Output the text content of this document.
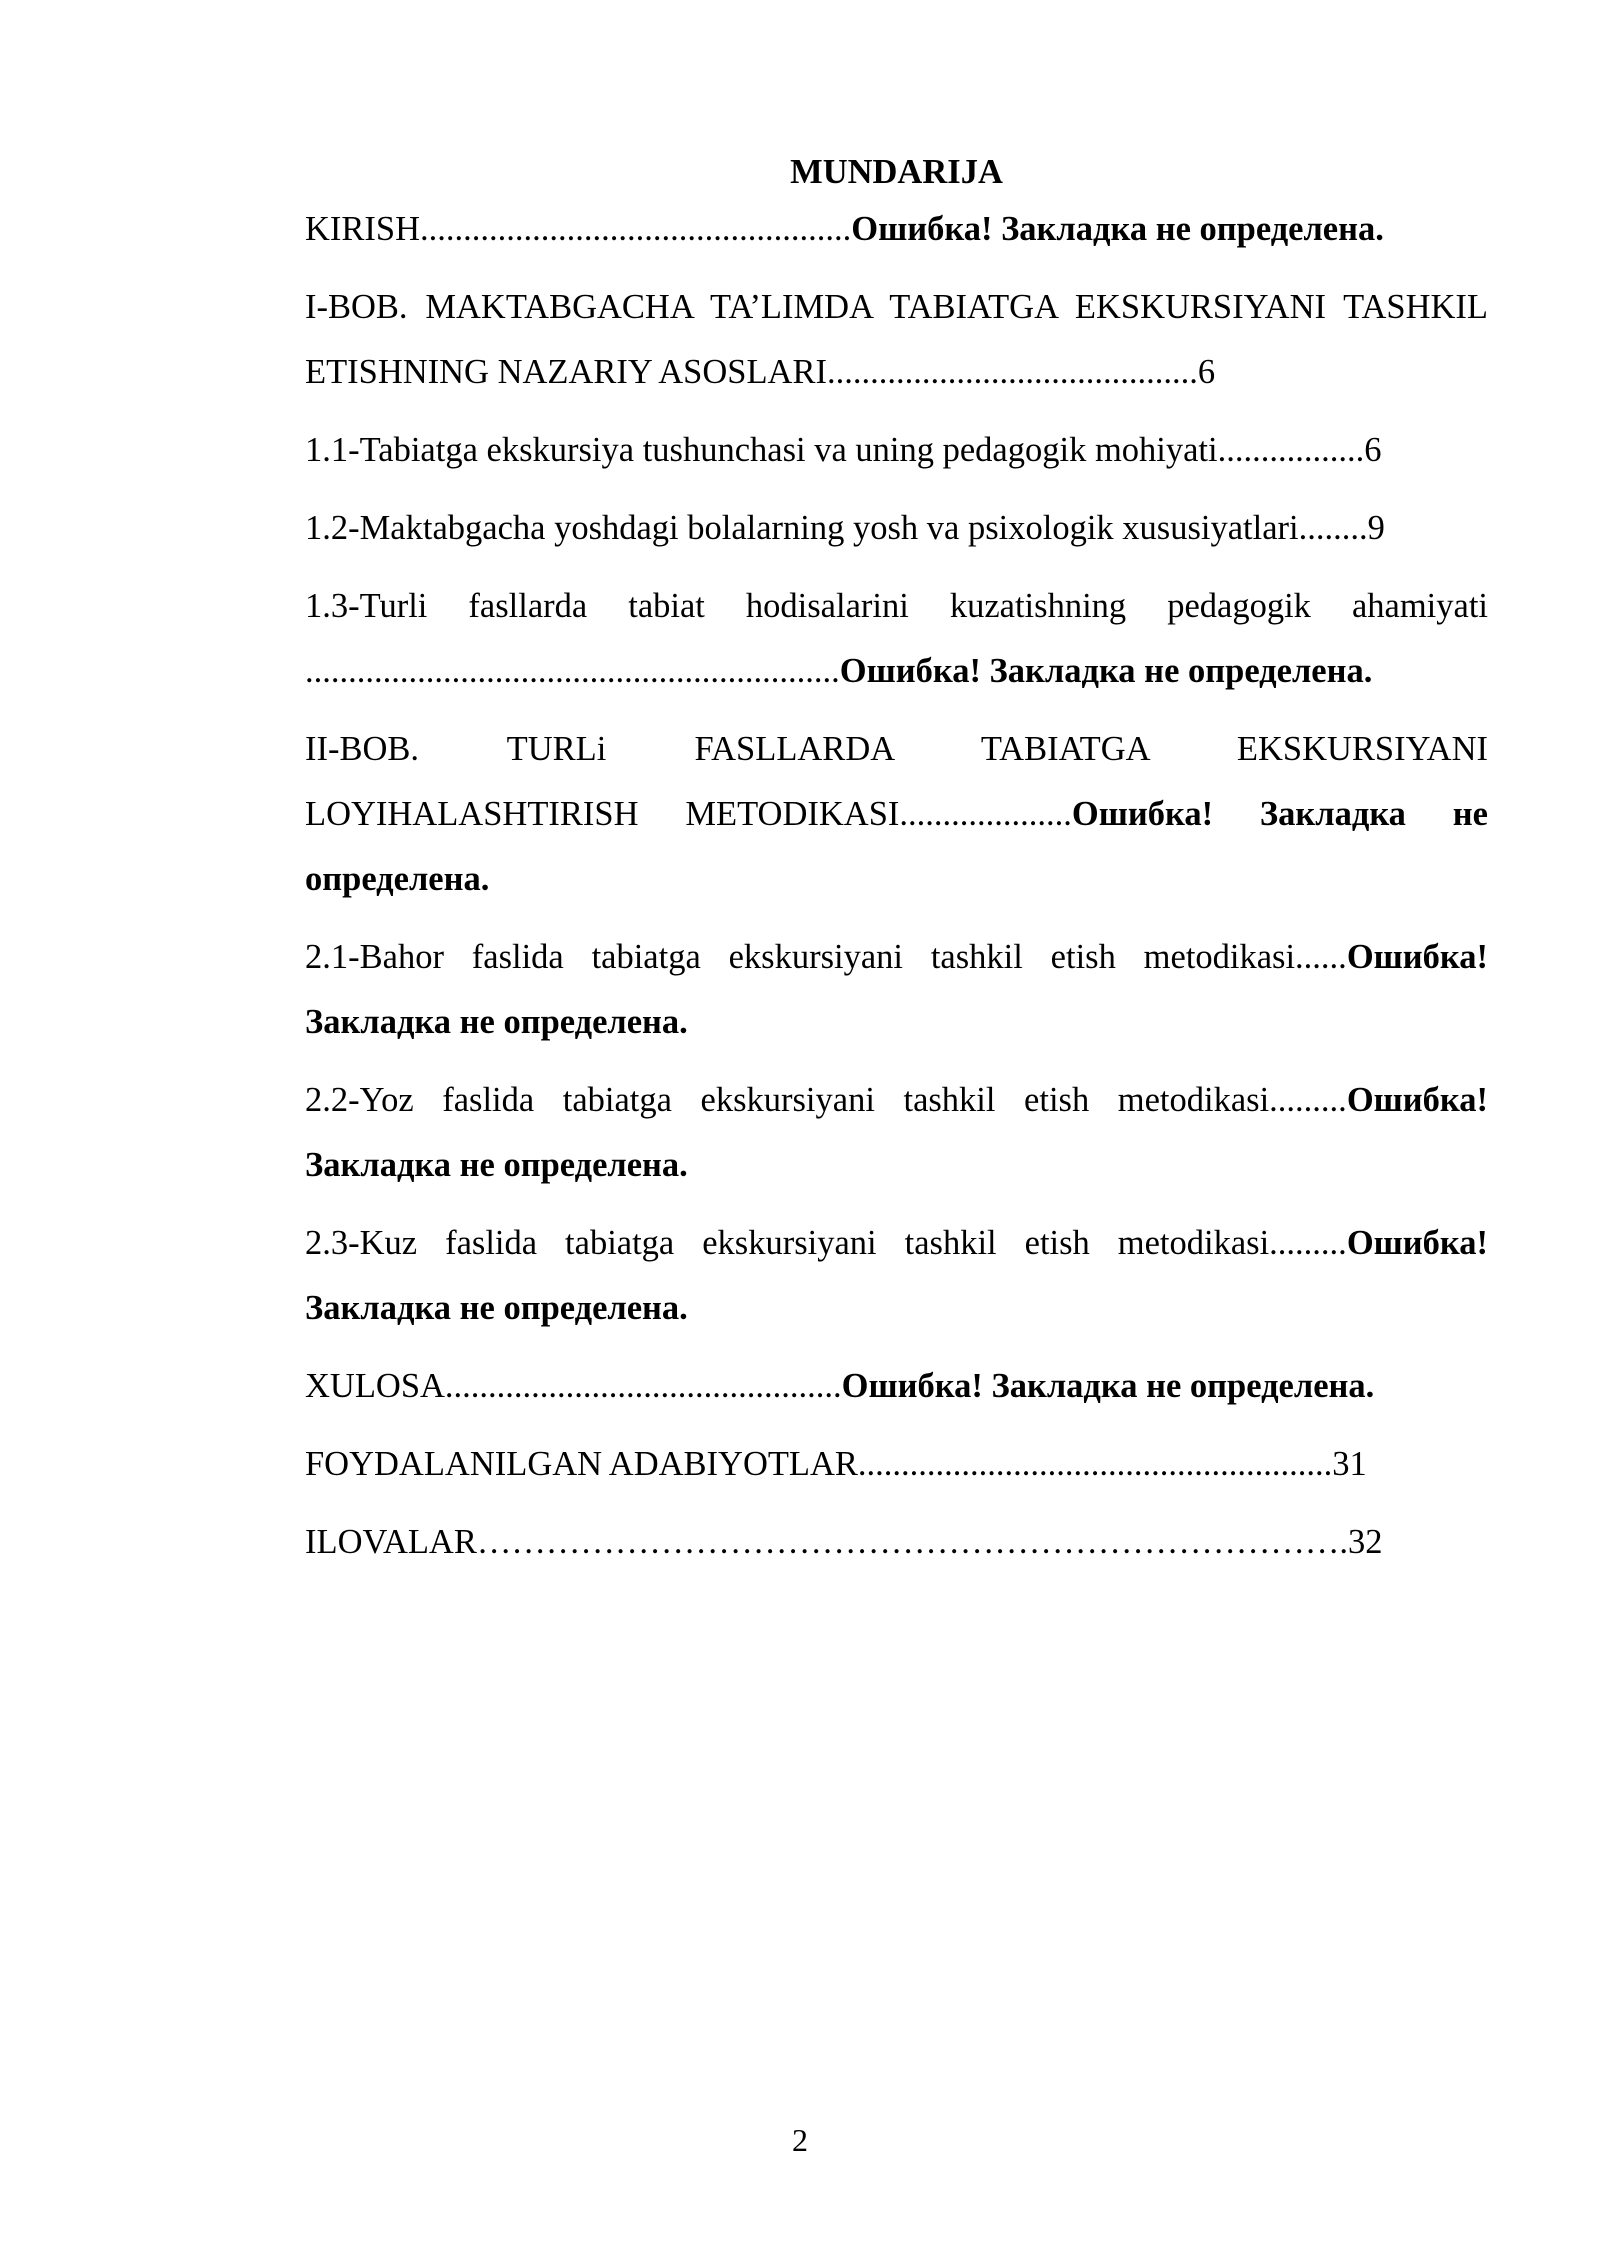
MUNDARIJA
KIRISH..................................................Ошибка! Закладка не определена.
I-BOB. MAKTABGACHA TA’LIMDA TABIATGA EKSKURSIYANI TASHKIL ETISHNING NAZARIY ASOSLARI...........................................6
1.1-Tabiatga ekskursiya tushunchasi va uning pedagogik mohiyati.................6
1.2-Maktabgacha yoshdagi bolalarning yosh va psixologik xususiyatlari........9
1.3-Turli fasllarda tabiat hodisalarini kuzatishning pedagogik ahamiyati ..............................................................Ошибка! Закладка не определена.
II-BOB. TURLi FASLLARDA TABIATGA EKSKURSIYANI LOYIHALASHTIRISH METODIKASI....................Ошибка! Закладка не определена.
2.1-Bahor faslida tabiatga ekskursiyani tashkil etish metodikasi......Ошибка! Закладка не определена.
2.2-Yoz faslida tabiatga ekskursiyani tashkil etish metodikasi.........Ошибка! Закладка не определена.
2.3-Kuz faslida tabiatga ekskursiyani tashkil etish metodikasi.........Ошибка! Закладка не определена.
XULOSA..............................................Ошибка! Закладка не определена.
FOYDALANILGAN ADABIYOTLAR.......................................................31
ILOVALAR………………………………………………………………….32
2
